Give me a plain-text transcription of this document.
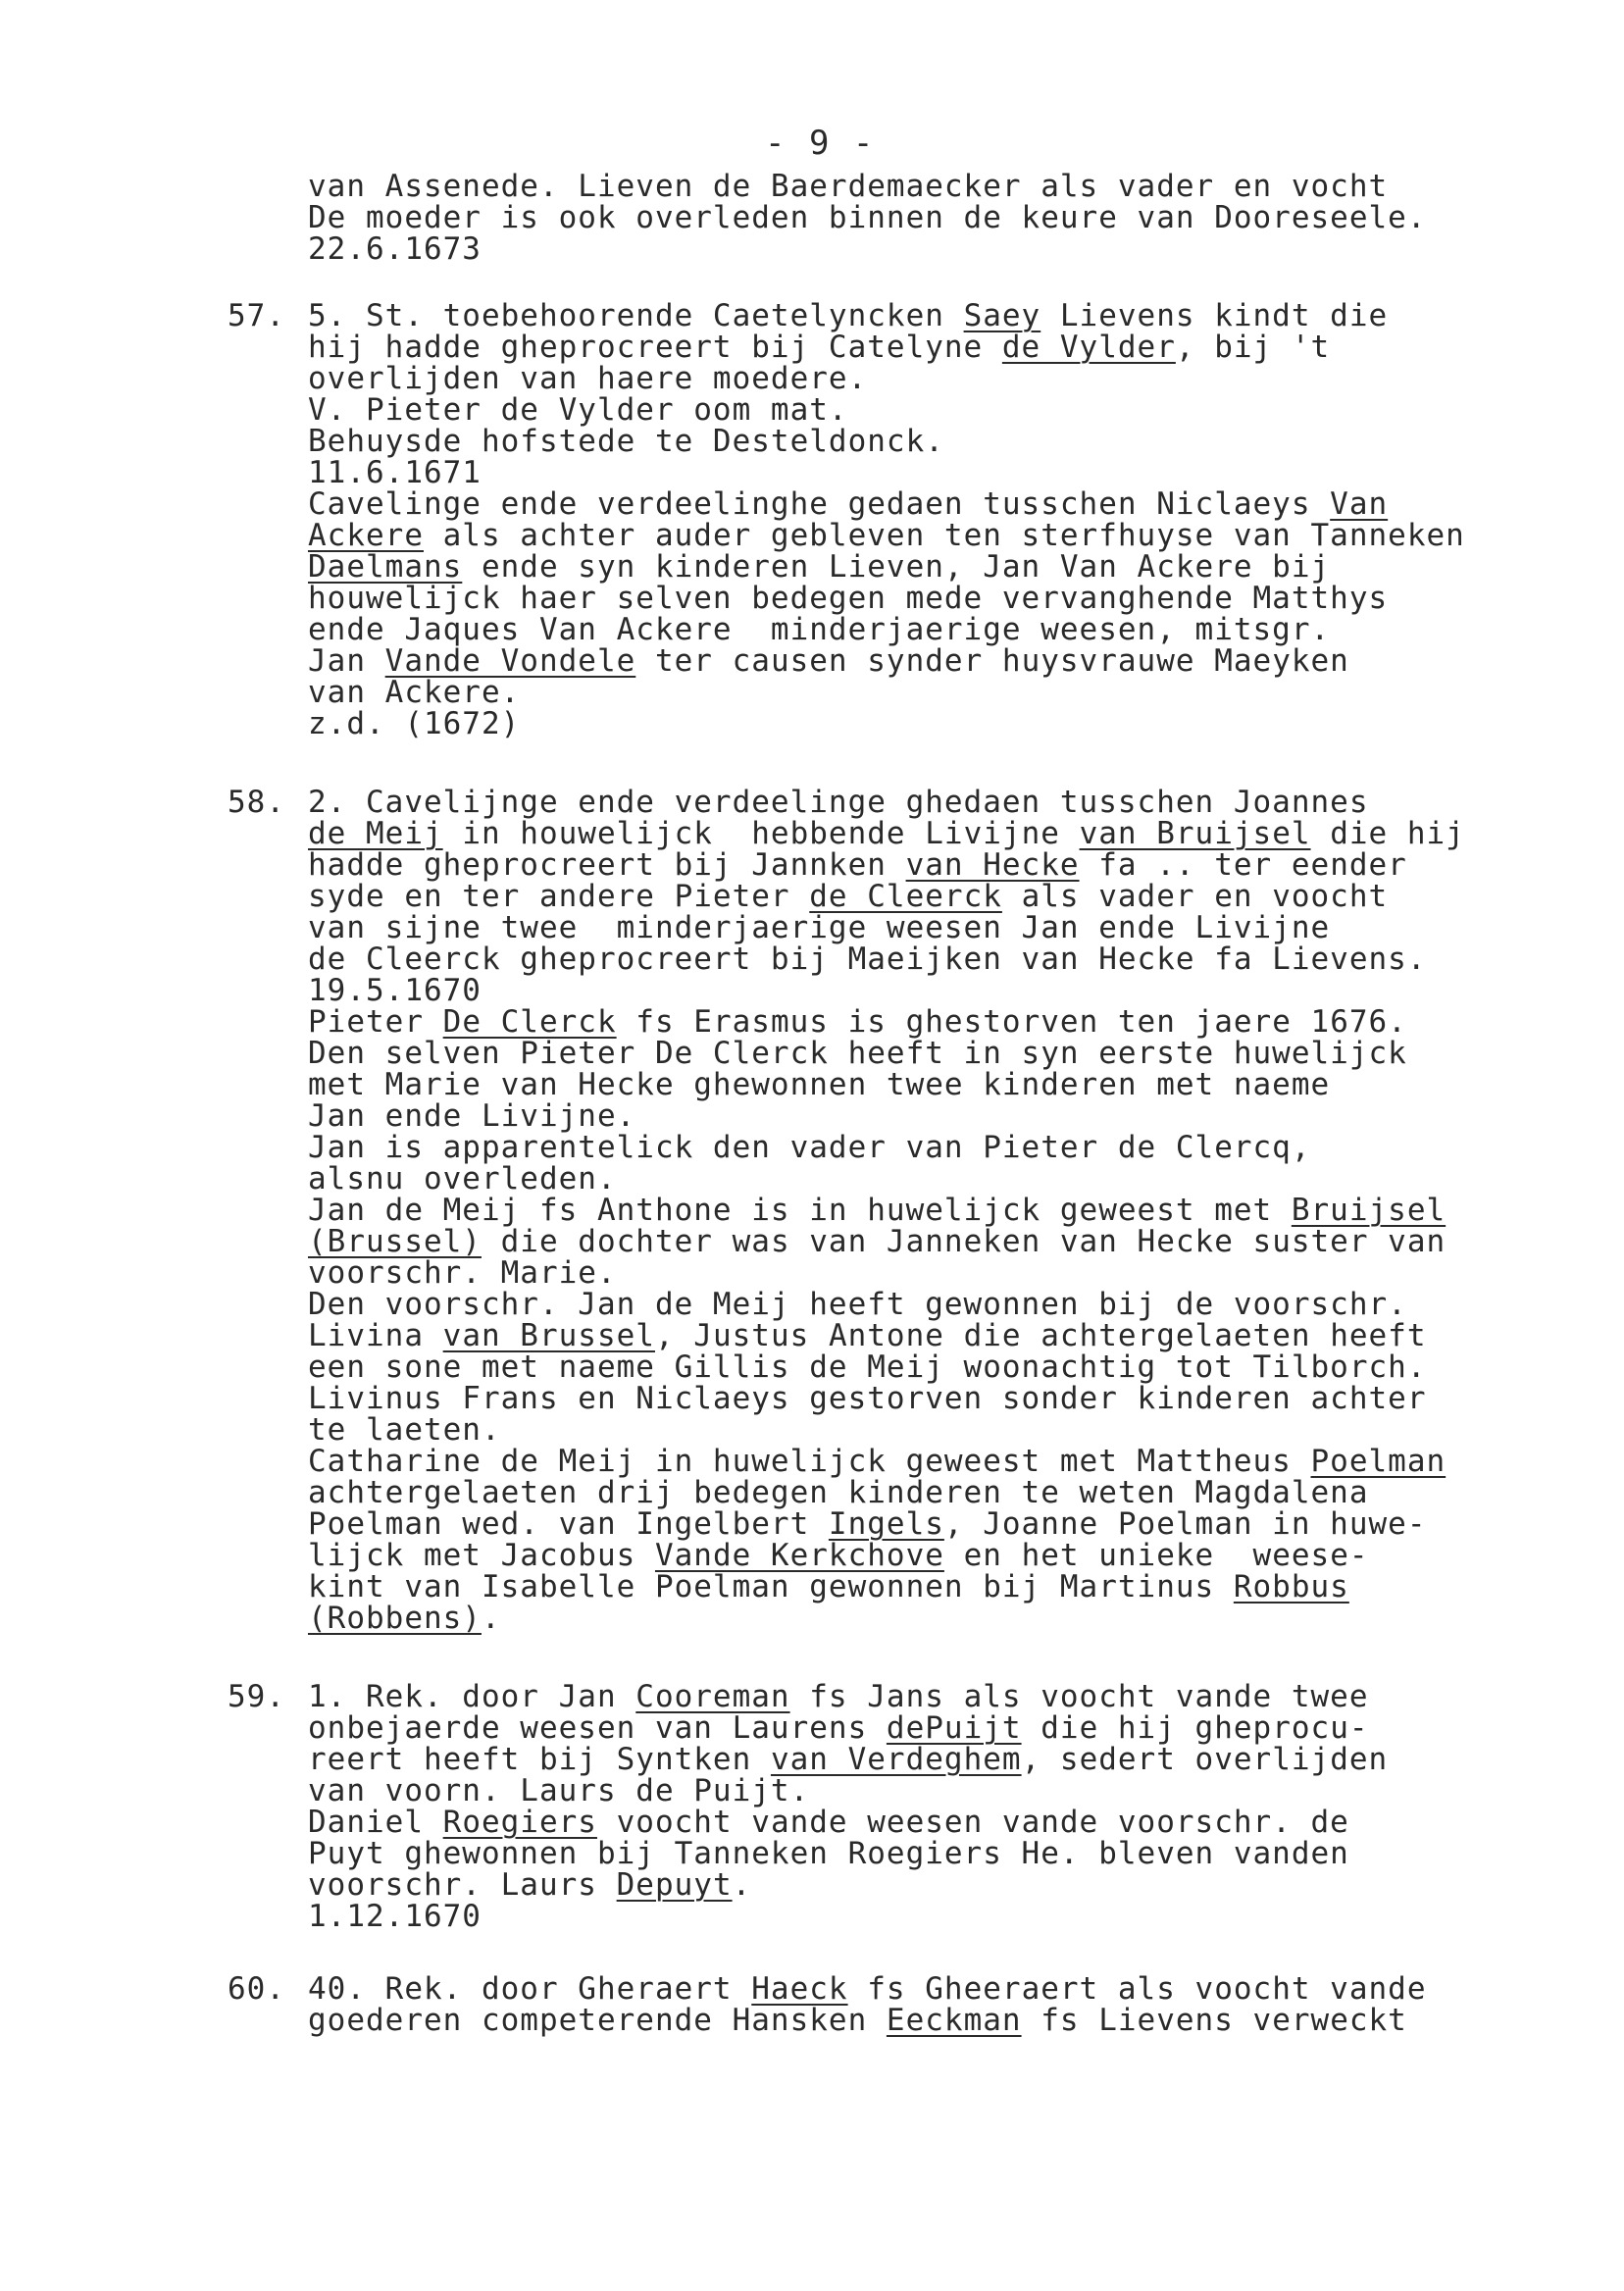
- 9 -
van Assenede. Lieven de Baerdemaecker als vader en vocht
De moeder is ook overleden binnen de keure van Dooreseele.
22.6.1673
57. 5. St. toebehoorende Caetelyncken Saey Lievens kindt die
hij hadde gheprocreert bij Catelyne de Vylder, bij 't
overlijden van haere moedere.
V. Pieter de Vylder oom mat.
Behuysde hofstede te Desteldonck.
11.6.1671
Cavelinge ende verdeelinghe gedaen tusschen Niclaeys Van
Ackere als achter auder gebleven ten sterfhuyse van Tanneken
Daelmans ende syn kinderen Lieven, Jan Van Ackere bij
houwelijck haer selven bedegen mede vervanghende Matthys
ende Jaques Van Ackere  minderjaerige weesen, mitsgr.
Jan Vande Vondele ter causen synder huysvrauwe Maeyken
van Ackere.
z.d. (1672)
58. 2. Cavelijnge ende verdeelinge ghedaen tusschen Joannes
de Meij in houwelijck  hebbende Livijne van Bruijsel die hij
hadde gheprocreert bij Jannken van Hecke fa .. ter eender
syde en ter andere Pieter de Cleerck als vader en voocht
van sijne twee  minderjaerige weesen Jan ende Livijne
de Cleerck gheprocreert bij Maeijken van Hecke fa Lievens.
19.5.1670
Pieter De Clerck fs Erasmus is ghestorven ten jaere 1676.
Den selven Pieter De Clerck heeft in syn eerste huwelijck
met Marie van Hecke ghewonnen twee kinderen met naeme
Jan ende Livijne.
Jan is apparentelick den vader van Pieter de Clercq,
alsnu overleden.
Jan de Meij fs Anthone is in huwelijck geweest met Bruijsel
(Brussel) die dochter was van Janneken van Hecke suster van
voorschr. Marie.
Den voorschr. Jan de Meij heeft gewonnen bij de voorschr.
Livina van Brussel, Justus Antone die achtergelaeten heeft
een sone met naeme Gillis de Meij woonachtig tot Tilborch.
Livinus Frans en Niclaeys gestorven sonder kinderen achter
te laeten.
Catharine de Meij in huwelijck geweest met Mattheus Poelman
achtergelaeten drij bedegen kinderen te weten Magdalena
Poelman wed. van Ingelbert Ingels, Joanne Poelman in huwe-
lijck met Jacobus Vande Kerkchove en het unieke  weese-
kint van Isabelle Poelman gewonnen bij Martinus Robbus
(Robbens).
59. 1. Rek. door Jan Cooreman fs Jans als voocht vande twee
onbejaerde weesen van Laurens dePuijt die hij gheprocu-
reert heeft bij Syntken van Verdeghem, sedert overlijden
van voorn. Laurs de Puijt.
Daniel Roegiers voocht vande weesen vande voorschr. de
Puyt ghewonnen bij Tanneken Roegiers He. bleven vanden
voorschr. Laurs Depuyt.
1.12.1670
60. 40. Rek. door Gheraert Haeck fs Gheeraert als voocht vande
goederen competerende Hansken Eeckman fs Lievens verweckt
